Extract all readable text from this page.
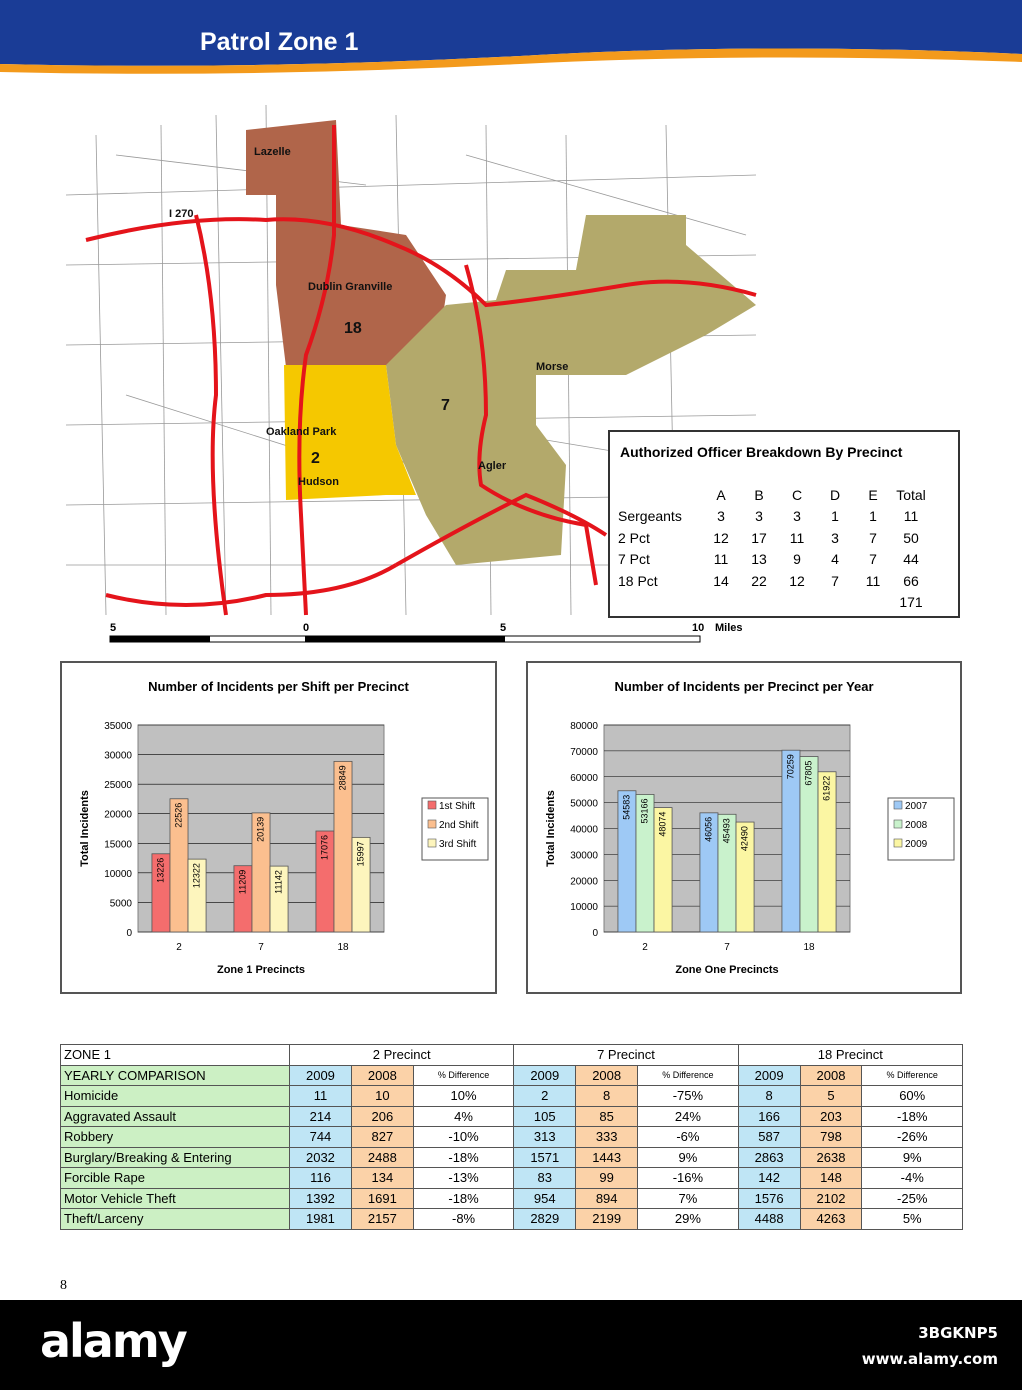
Patrol Zone 1
Lazelle
I 270
Dublin Granville
Morse
Oakland Park
Hudson
Agler
18
7
2
5	0	5	10 Miles
Authorized Officer Breakdown By Precinct
	A	B	C	D	E	Total
Sergeants	3	3	3	1	1	11
2 Pct	12	17	11	3	7	50
7 Pct	11	13	9	4	7	44
18 Pct	14	22	12	7	11	66
						171
Number of Incidents per Shift per Precinct
0
5000
10000
15000
20000
25000
30000
35000
13226
22526
12322
2
11209
20139
11142
7
17076
28849
15997
18
Zone 1 Precincts
Total Incidents	1st Shift
2nd Shift
3rd Shift
Number of Incidents per Precinct per Year
0
10000
20000
30000
40000
50000
60000
70000
80000
54583 53166
48074
2
46056 45493 42490
7
70259 67805
61922
18
Zone One Precincts
Total Incidents	2007
2008
2009
ZONE 1	2 Precinct			7 Precinct			18 Precinct		
YEARLY COMPARISON	2009	2008	% Difference	2009	2008	% Difference	2009	2008	% Difference
Homicide	11	10	10%	2	8	-75%	8	5	60%
Aggravated Assault	214	206	4%	105	85	24%	166	203	-18%
Robbery	744	827	-10%	313	333	-6%	587	798	-26%
Burglary/Breaking & Entering	2032	2488	-18%	1571	1443	9%	2863	2638	9%
Forcible Rape	116	134	-13%	83	99	-16%	142	148	-4%
Motor Vehicle Theft	1392	1691	-18%	954	894	7%	1576	2102	-25%
Theft/Larceny	1981	2157	-8%	2829	2199	29%	4488	4263	5%
8
alamy	3BGKNP5
www.alamy.com
